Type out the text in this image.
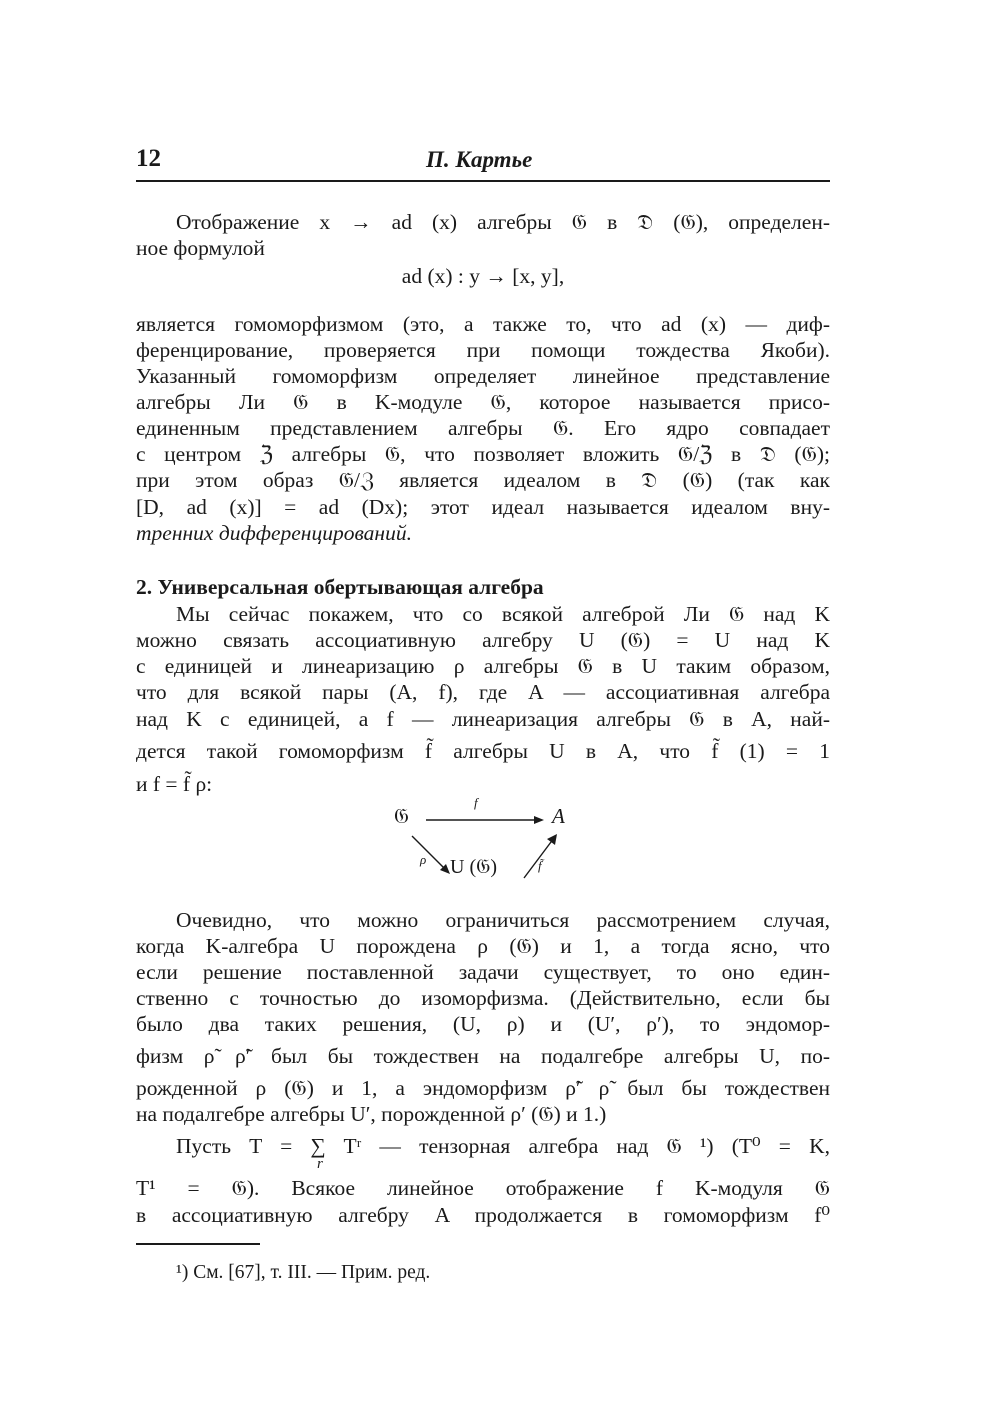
12	П. Картье
Отображение x → ad (x) алгебры 𝔊 в 𝔇 (𝔊), определен-
ное формулой
ad (x) : y → [x, y],
является гомоморфизмом (это, а также то, что ad (x) — диф-
ференцирование, проверяется при помощи тождества Якоби).
Указанный гомоморфизм определяет линейное представление
алгебры Ли 𝔊 в K-модуле 𝔊, которое называется присо-
единенным представлением алгебры 𝔊. Его ядро совпадает
с центром ℨ алгебры 𝔊, что позволяет вложить 𝔊/ℨ в 𝔇 (𝔊);
при этом образ 𝔊/ℨ является идеалом в 𝔇 (𝔊) (так как
[D, ad (x)] = ad (Dx); этот идеал называется идеалом вну-
тренних дифференцирований.
2. Универсальная обертывающая алгебра
Мы сейчас покажем, что со всякой алгеброй Ли 𝔊 над K
можно связать ассоциативную алгебру U (𝔊) = U над K
с единицей и линеаризацию ρ алгебры 𝔊 в U таким образом,
что для всякой пары (A, f), где A — ассоциативная алгебра
над K с единицей, а f — линеаризация алгебры 𝔊 в A, най-
дется такой гомоморфизм f̃ алгебры U в A, что f̃ (1) = 1
и f = f̃ ρ:
𝔊	A
U (𝔊)
f
ρ	f̃
Очевидно, что можно ограничиться рассмотрением случая,
когда K-алгебра U порождена ρ (𝔊) и 1, а тогда ясно, что
если решение поставленной задачи существует, то оно един-
ственно с точностью до изоморфизма. (Действительно, если бы
было два таких решения, (U, ρ) и (U′, ρ′), то эндомор-
физм ρ̃ ρ̃′ был бы тождествен на подалгебре алгебры U, по-
рожденной ρ (𝔊) и 1, а эндоморфизм ρ̃′ ρ̃ был бы тождествен
на подалгебре алгебры U′, порожденной ρ′ (𝔊) и 1.)
Пусть T = ∑ Tʳ — тензорная алгебра над 𝔊 ¹) (T⁰ = K,
r
T¹ = 𝔊). Всякое линейное отображение f K-модуля 𝔊
в ассоциативную алгебру A продолжается в гомоморфизм f⁰
¹) См. [67], т. III. — Прим. ред.
